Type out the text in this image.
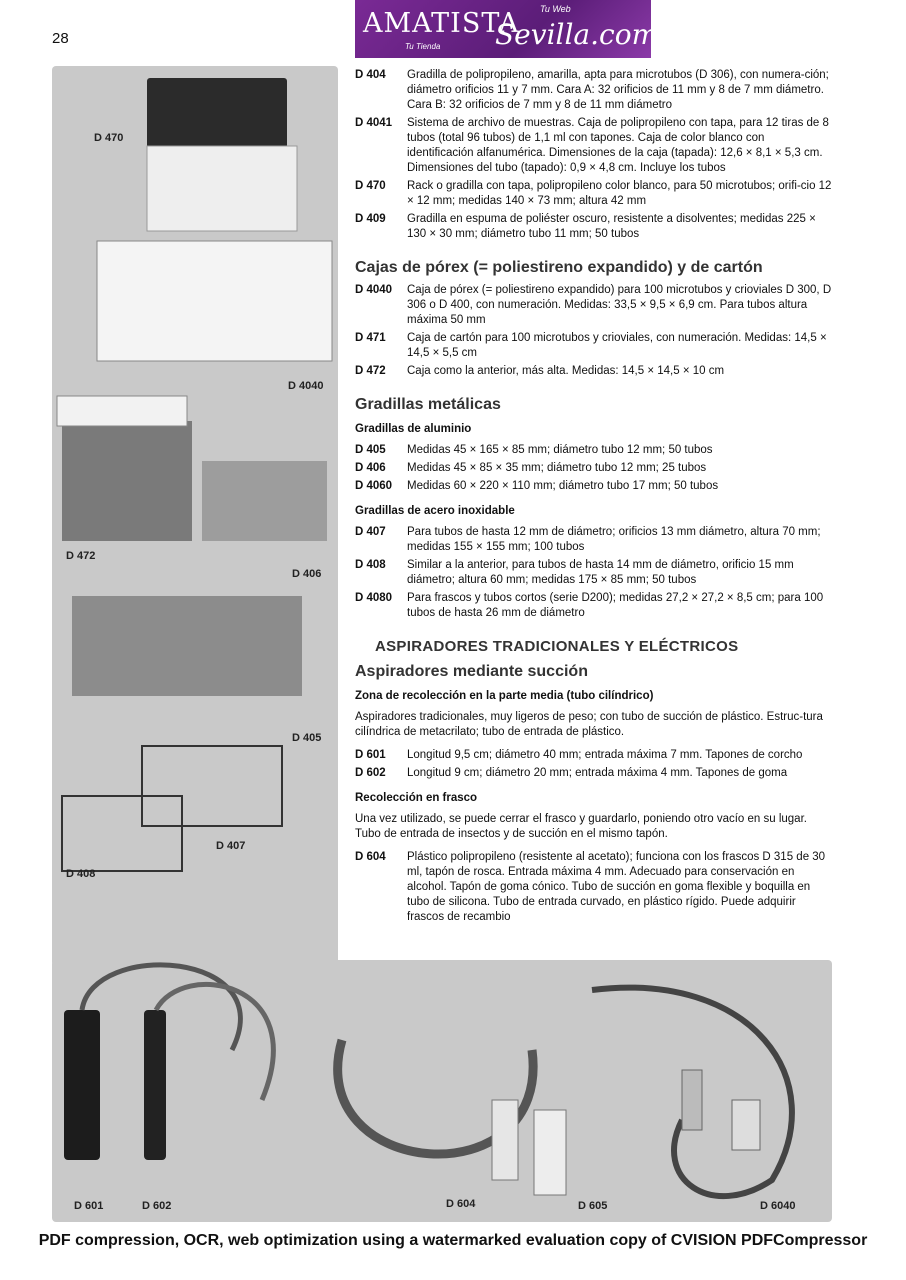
28	AMATISTA
Sevilla.com
Tu Web
Tu Tienda
D 470
D 4040
D 472
D 406
D 405
D 407
D 408
D 601	D 602	D 604	D 605	D 6040
D 404	Gradilla de polipropileno, amarilla, apta para microtubos (D 306), con numera-ción; diámetro orificios 11 y 7 mm. Cara A: 32 orificios de 11 mm y 8 de 7 mm diámetro. Cara B: 32 orificios de 7 mm y 8 de 11 mm diámetro
D 4041	Sistema de archivo de muestras. Caja de polipropileno con tapa, para 12 tiras de 8 tubos (total 96 tubos) de 1,1 ml con tapones. Caja de color blanco con identificación alfanumérica. Dimensiones de la caja (tapada): 12,6 × 8,1 × 5,3 cm. Dimensiones del tubo (tapado): 0,9 × 4,8 cm. Incluye los tubos
D 470	Rack o gradilla con tapa, polipropileno color blanco, para 50 microtubos; orifi-cio 12 × 12 mm; medidas 140 × 73 mm; altura 42 mm
D 409	Gradilla en espuma de poliéster oscuro, resistente a disolventes; medidas 225 × 130 × 30 mm; diámetro tubo 11 mm; 50 tubos
Cajas de pórex (= poliestireno expandido) y de cartón
D 4040	Caja de pórex (= poliestireno expandido) para 100 microtubos y crioviales D 300, D 306 o D 400, con numeración. Medidas: 33,5 × 9,5 × 6,9 cm. Para tubos altura máxima 50 mm
D 471	Caja de cartón para 100 microtubos y crioviales, con numeración. Medidas: 14,5 × 14,5 × 5,5 cm
D 472	Caja como la anterior, más alta. Medidas: 14,5 × 14,5 × 10 cm
Gradillas metálicas
Gradillas de aluminio
D 405	Medidas 45 × 165 × 85 mm; diámetro tubo 12 mm; 50 tubos
D 406	Medidas 45 × 85 × 35 mm; diámetro tubo 12 mm; 25 tubos
D 4060	Medidas 60 × 220 × 110 mm; diámetro tubo 17 mm; 50 tubos
Gradillas de acero inoxidable
D 407	Para tubos de hasta 12 mm de diámetro; orificios 13 mm diámetro, altura 70 mm; medidas 155 × 155 mm; 100 tubos
D 408	Similar a la anterior, para tubos de hasta 14 mm de diámetro, orificio 15 mm diámetro; altura 60 mm; medidas 175 × 85 mm; 50 tubos
D 4080	Para frascos y tubos cortos (serie D200); medidas 27,2 × 27,2 × 8,5 cm; para 100 tubos de hasta 26 mm de diámetro
ASPIRADORES TRADICIONALES Y ELÉCTRICOS
Aspiradores mediante succión
Zona de recolección en la parte media (tubo cilíndrico)

Aspiradores tradicionales, muy ligeros de peso; con tubo de succión de plástico. Estruc-tura cilíndrica de metacrilato; tubo de entrada de plástico.

D 601	Longitud 9,5 cm; diámetro 40 mm; entrada máxima 7 mm. Tapones de corcho
D 602	Longitud 9 cm; diámetro 20 mm; entrada máxima 4 mm. Tapones de goma
Recolección en frasco

Una vez utilizado, se puede cerrar el frasco y guardarlo, poniendo otro vacío en su lugar. Tubo de entrada de insectos y de succión en el mismo tapón.

D 604	Plástico polipropileno (resistente al acetato); funciona con los frascos D 315 de 30 ml, tapón de rosca. Entrada máxima 4 mm. Adecuado para conservación en alcohol. Tapón de goma cónico. Tubo de succión en goma flexible y boquilla en tubo de silicona. Tubo de entrada curvado, en plástico rígido. Puede adquirir frascos de recambio
PDF compression, OCR, web optimization using a watermarked evaluation copy of CVISION PDFCompressor
